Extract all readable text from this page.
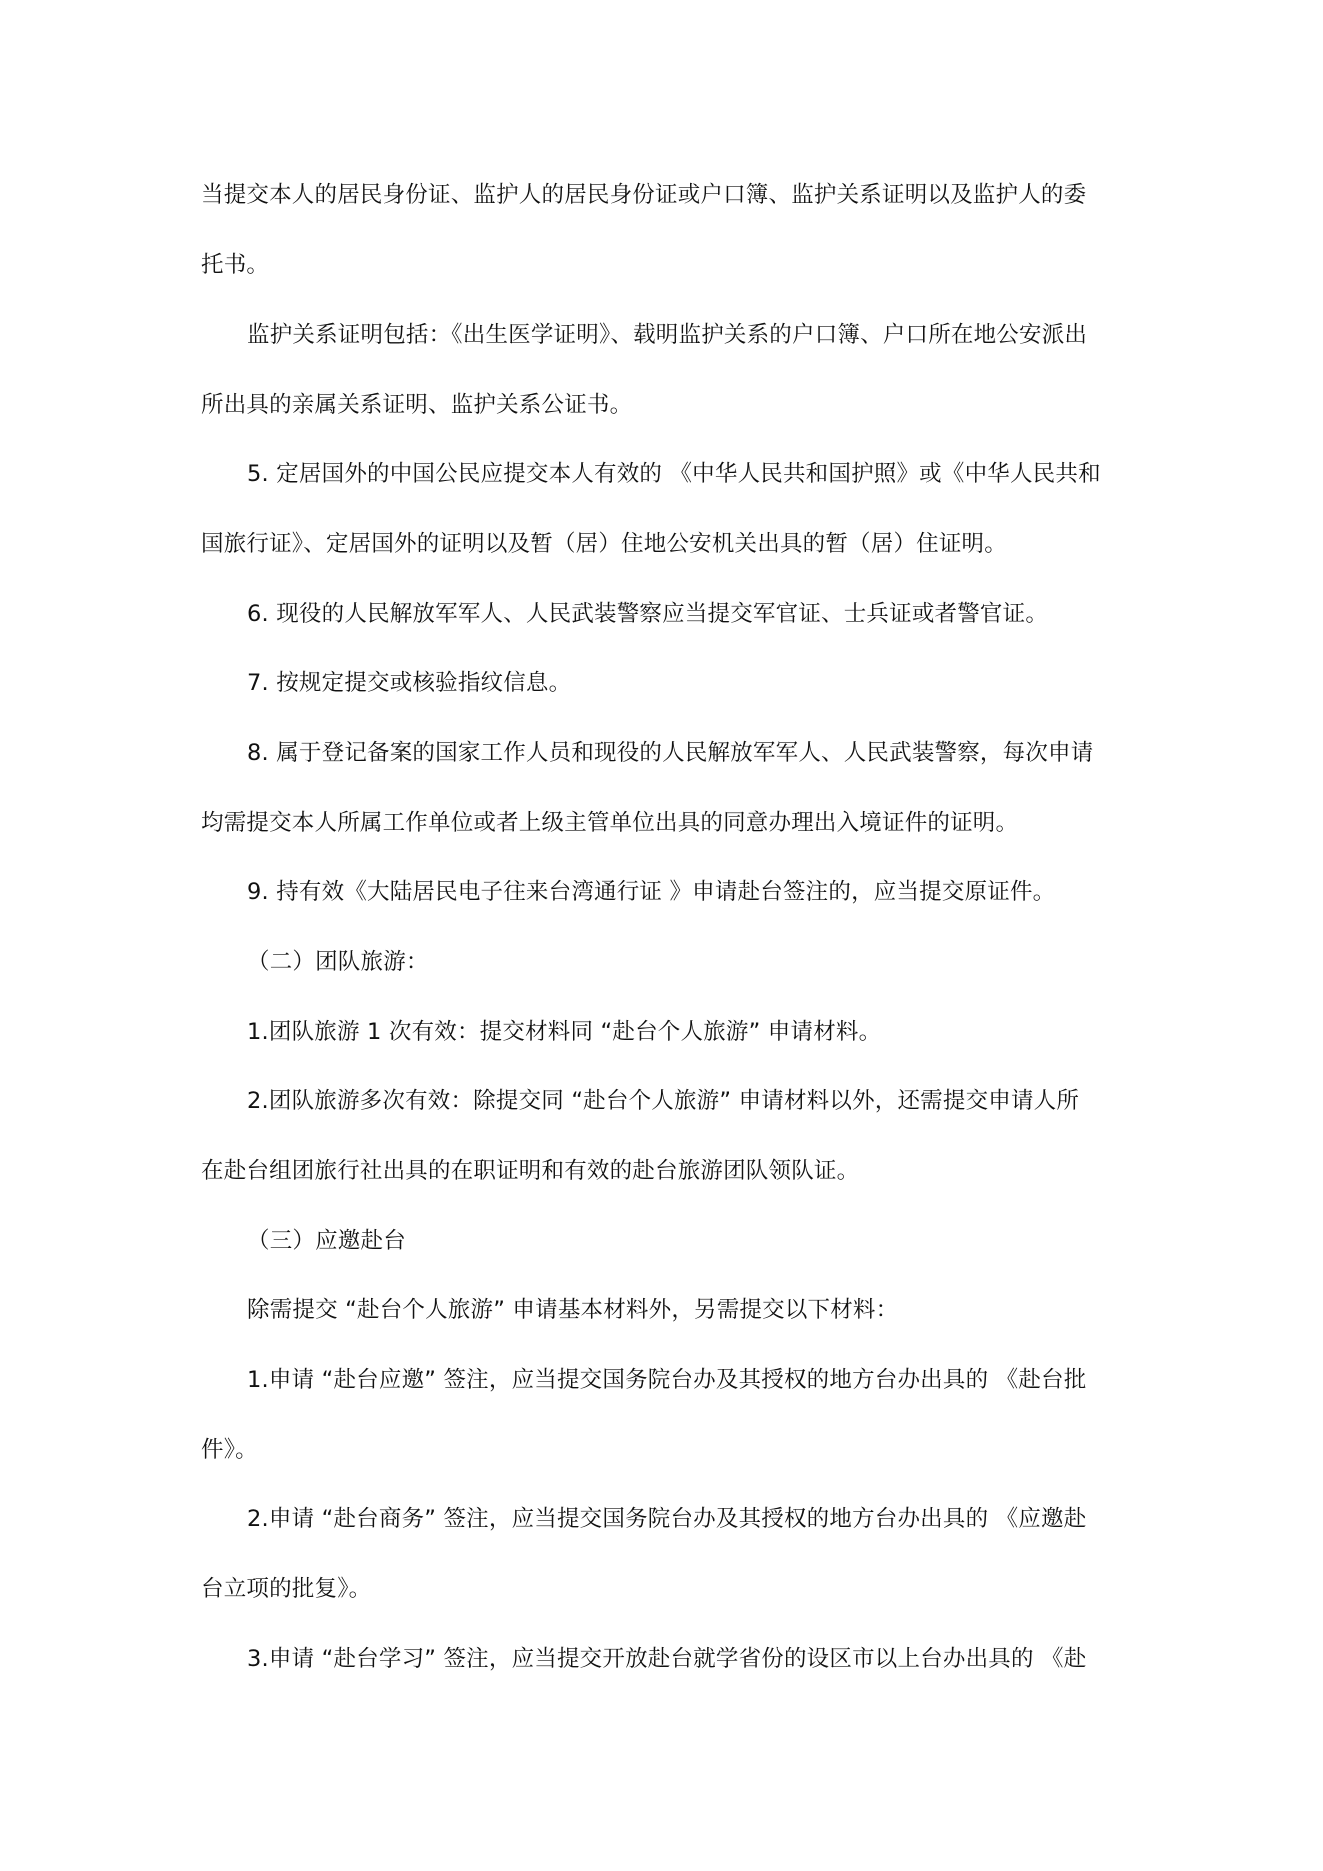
当提交本人的居民身份证、监护人的居民身份证或户口簿、监护关系证明以及监护人的委
托书。
监护关系证明包括：《出生医学证明》、载明监护关系的户口簿、户口所在地公安派出
所出具的亲属关系证明、监护关系公证书。
5. 定居国外的中国公民应提交本人有效的 《中华人民共和国护照》或《中华人民共和
国旅行证》、定居国外的证明以及暂（居）住地公安机关出具的暂（居）住证明。
6. 现役的人民解放军军人、人民武装警察应当提交军官证、士兵证或者警官证。
7. 按规定提交或核验指纹信息。
8. 属于登记备案的国家工作人员和现役的人民解放军军人、人民武装警察，每次申请
均需提交本人所属工作单位或者上级主管单位出具的同意办理出入境证件的证明。
9. 持有效《大陆居民电子往来台湾通行证 》申请赴台签注的，应当提交原证件。
（二）团队旅游：
1.团队旅游 1 次有效：提交材料同 “赴台个人旅游” 申请材料。
2.团队旅游多次有效：除提交同 “赴台个人旅游” 申请材料以外，还需提交申请人所
在赴台组团旅行社出具的在职证明和有效的赴台旅游团队领队证。
（三）应邀赴台
除需提交 “赴台个人旅游” 申请基本材料外，另需提交以下材料：
1.申请 “赴台应邀” 签注，应当提交国务院台办及其授权的地方台办出具的 《赴台批
件》。
2.申请 “赴台商务” 签注，应当提交国务院台办及其授权的地方台办出具的 《应邀赴
台立项的批复》。
3.申请 “赴台学习” 签注，应当提交开放赴台就学省份的设区市以上台办出具的 《赴
